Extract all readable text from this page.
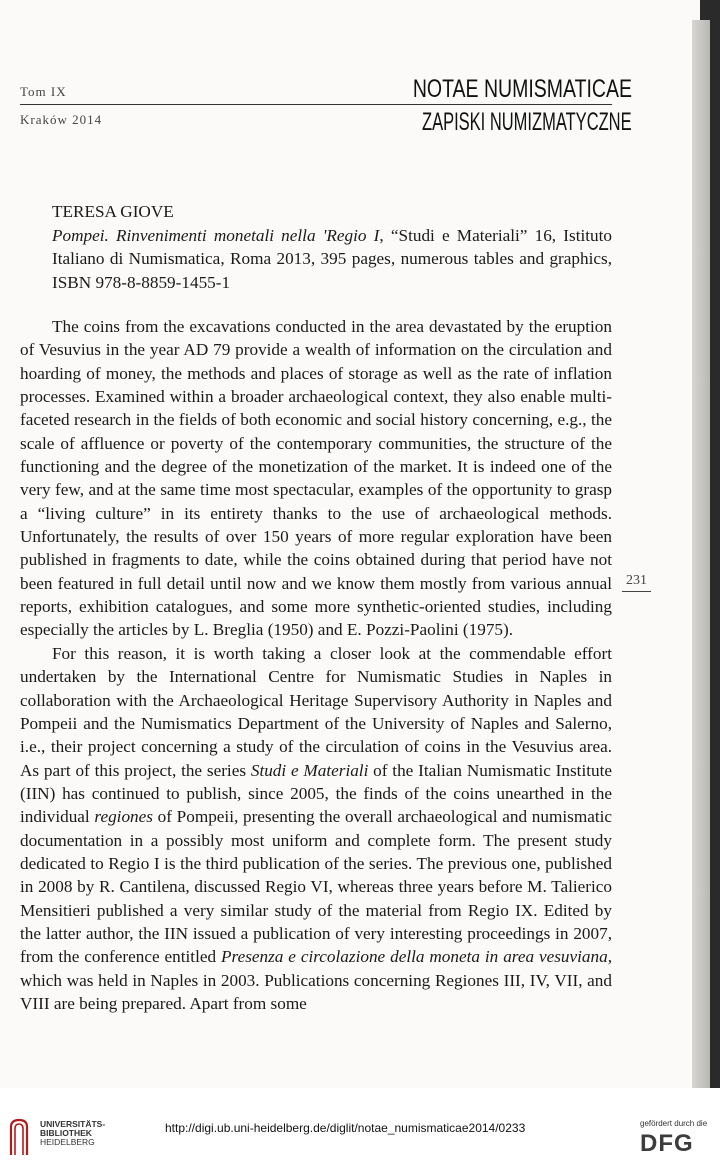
Tom IX
Kraków 2014
NOTAE NUMISMATICAE
ZAPISKI NUMIZMATYCZNE

TERESA GIOVE

Pompei. Rinvenimenti monetali nella 'Regio I, “Studi e Materiali” 16, Istituto Italiano di Numismatica, Roma 2013, 395 pages, numerous tables and graphics, ISBN 978-8-8859-1455-1

The coins from the excavations conducted in the area devastated by the eruption of Vesuvius in the year AD 79 provide a wealth of information on the circulation and hoarding of money, the methods and places of storage as well as the rate of inflation processes. Examined within a broader archaeological context, they also enable multi-faceted research in the fields of both economic and social history concerning, e.g., the scale of affluence or poverty of the contemporary communities, the structure of the functioning and the degree of the monetization of the market. It is indeed one of the very few, and at the same time most spectacular, examples of the opportunity to grasp a “living culture” in its entirety thanks to the use of archaeological methods. Unfortunately, the results of over 150 years of more regular exploration have been published in fragments to date, while the coins obtained during that period have not been featured in full detail until now and we know them mostly from various annual reports, exhibition catalogues, and some more synthetic-oriented studies, including especially the articles by L. Breglia (1950) and E. Pozzi-Paolini (1975).

For this reason, it is worth taking a closer look at the commendable effort undertaken by the International Centre for Numismatic Studies in Naples in collaboration with the Archaeological Heritage Supervisory Authority in Naples and Pompeii and the Numismatics Department of the University of Naples and Salerno, i.e., their project concerning a study of the circulation of coins in the Vesuvius area. As part of this project, the series Studi e Materiali of the Italian Numismatic Institute (IIN) has continued to publish, since 2005, the finds of the coins unearthed in the individual regiones of Pompeii, presenting the overall archaeological and numismatic documentation in a possibly most uniform and complete form. The present study dedicated to Regio I is the third publication of the series. The previous one, published in 2008 by R. Cantilena, discussed Regio VI, whereas three years before M. Talierico Mensitieri published a very similar study of the material from Regio IX. Edited by the latter author, the IIN issued a publication of very interesting proceedings in 2007, from the conference entitled Presenza e circolazione della moneta in area vesuviana, which was held in Naples in 2003. Publications concerning Regiones III, IV, VII, and VIII are being prepared. Apart from some

231
UNIVERSITÄTS-
BIBLIOTHEK
HEIDELBERG
http://digi.ub.uni-heidelberg.de/diglit/notae_numismaticae2014/0233	gefördert durch die
DFG
